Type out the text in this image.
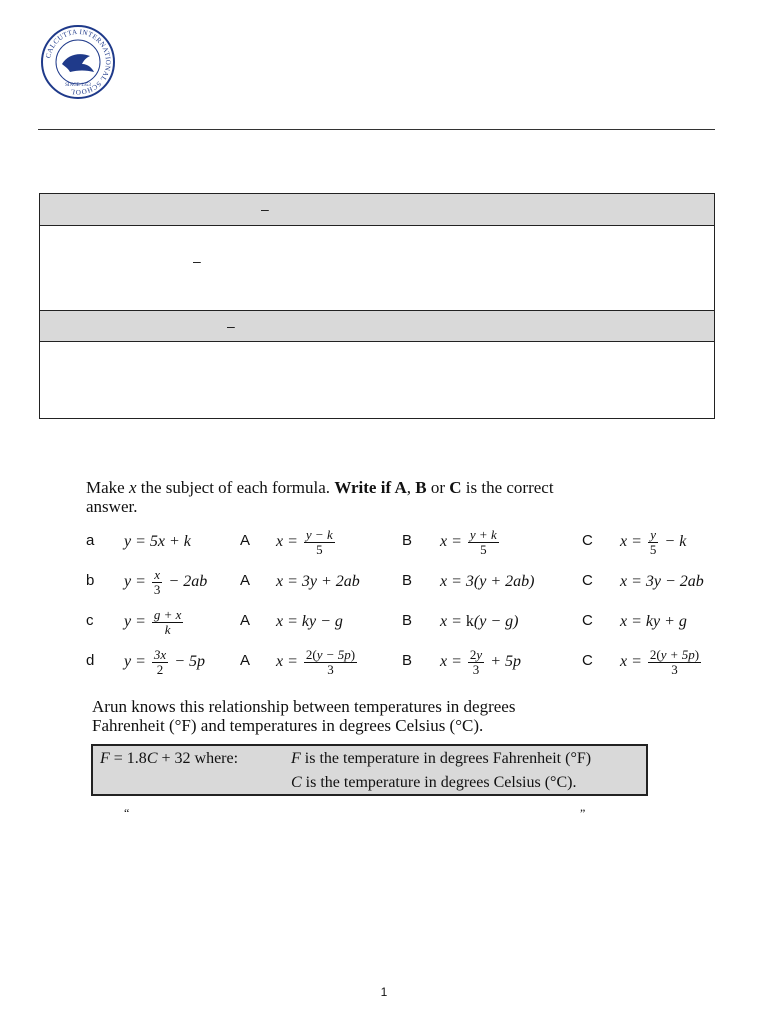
CALCUTTA INTERNATIONAL SCHOOL
SINCE 1953
–
–
–
Make x the subject of each formula. Write if A, B or C is the correct answer.
a y = 5x + k	A $x = \frac{y - k}{5}$	B $x = \frac{y + k}{5}$	C $x = \frac{y}{5} - k$
b $y = \frac{x}{3} - 2ab$ A x = 3y + 2ab	B x = 3(y + 2ab)	C x = 3y − 2ab
c $y = \frac{g + x}{k}$	A x = ky − g	B x = k (y − g)	C x = ky + g
d $y = \frac{3x}{2} - 5p$ A $x = \frac{2(y - 5p)}{3}$	B $x = \frac{2y}{3} + 5p$	C $x = \frac{2(y + 5p)}{3}$
Arun knows this relationship between temperatures in degrees
Fahrenheit (°F) and temperatures in degrees Celsius (°C).
F = 1.8C + 32 where:	F is the temperature in degrees Fahrenheit (°F)
C is the temperature in degrees Celsius (°C).
“	”
1
